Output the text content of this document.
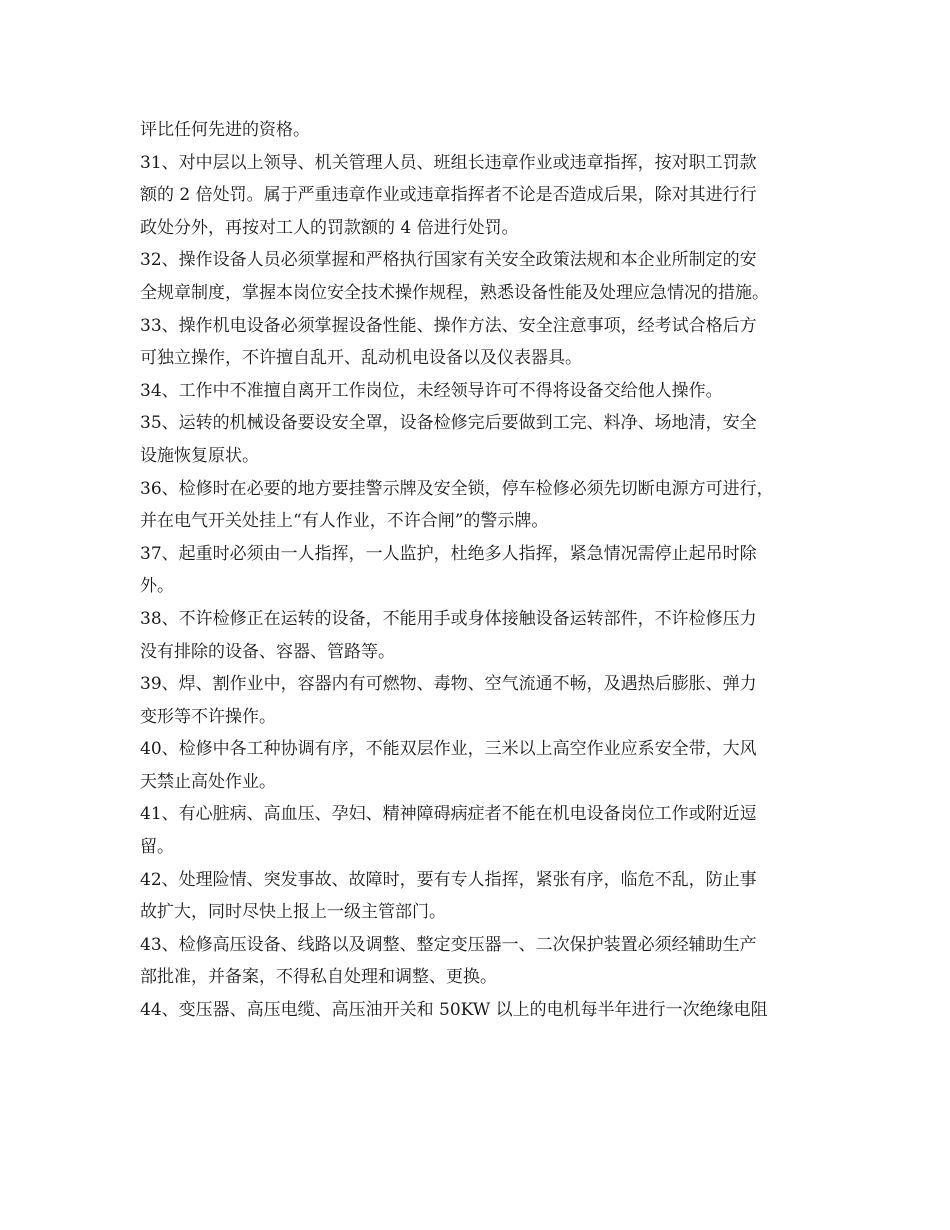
评比任何先进的资格。
31、对中层以上领导、机关管理人员、班组长违章作业或违章指挥，按对职工罚款
额的 2 倍处罚。属于严重违章作业或违章指挥者不论是否造成后果，除对其进行行
政处分外，再按对工人的罚款额的 4 倍进行处罚。
32、操作设备人员必须掌握和严格执行国家有关安全政策法规和本企业所制定的安
全规章制度，掌握本岗位安全技术操作规程，熟悉设备性能及处理应急情况的措施。
33、操作机电设备必须掌握设备性能、操作方法、安全注意事项，经考试合格后方
可独立操作，不许擅自乱开、乱动机电设备以及仪表器具。
34、工作中不准擅自离开工作岗位，未经领导许可不得将设备交给他人操作。
35、运转的机械设备要设安全罩，设备检修完后要做到工完、料净、场地清，安全
设施恢复原状。
36、检修时在必要的地方要挂警示牌及安全锁，停车检修必须先切断电源方可进行，
并在电气开关处挂上“有人作业，不许合闸”的警示牌。
37、起重时必须由一人指挥，一人监护，杜绝多人指挥，紧急情况需停止起吊时除
外。
38、不许检修正在运转的设备，不能用手或身体接触设备运转部件，不许检修压力
没有排除的设备、容器、管路等。
39、焊、割作业中，容器内有可燃物、毒物、空气流通不畅，及遇热后膨胀、弹力
变形等不许操作。
40、检修中各工种协调有序，不能双层作业，三米以上高空作业应系安全带，大风
天禁止高处作业。
41、有心脏病、高血压、孕妇、精神障碍病症者不能在机电设备岗位工作或附近逗
留。
42、处理险情、突发事故、故障时，要有专人指挥，紧张有序，临危不乱，防止事
故扩大，同时尽快上报上一级主管部门。
43、检修高压设备、线路以及调整、整定变压器一、二次保护装置必须经辅助生产
部批准，并备案，不得私自处理和调整、更换。
44、变压器、高压电缆、高压油开关和 50KW 以上的电机每半年进行一次绝缘电阻
